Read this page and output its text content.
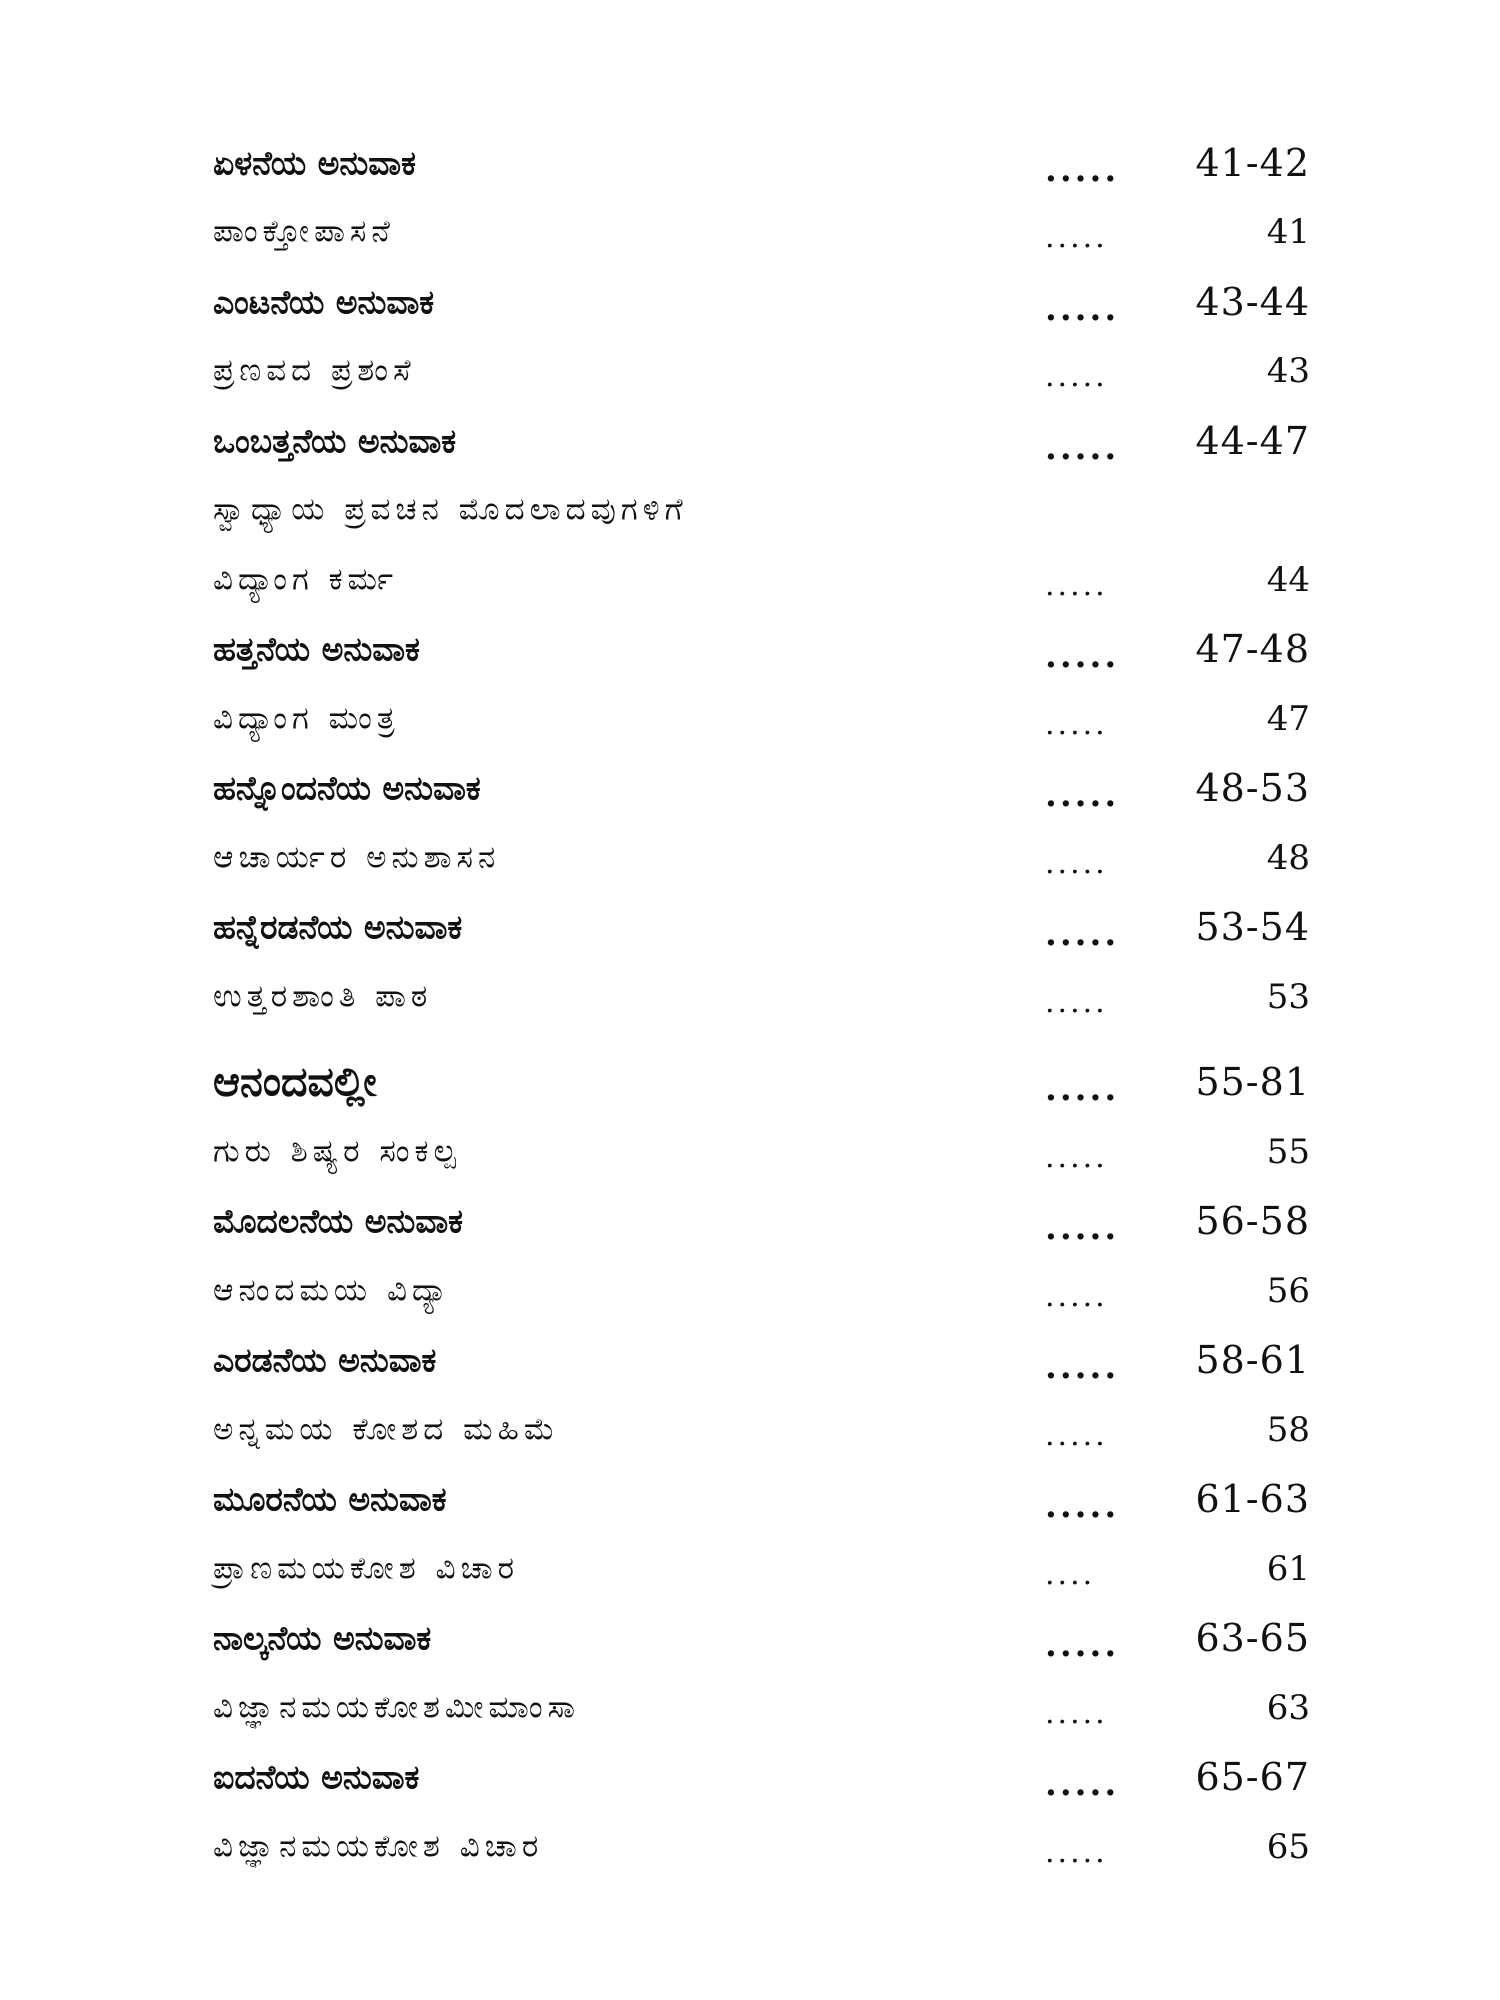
ಏಳನೆಯ ಅನುವಾಕ	..... 41-42
ಪಾಂಕ್ತೋಪಾಸನೆ	.....	41
ಎಂಟನೆಯ ಅನುವಾಕ	..... 43-44
ಪ್ರಣವದ ಪ್ರಶಂಸೆ	.....	43
ಒಂಬತ್ತನೆಯ ಅನುವಾಕ	..... 44-47
ಸ್ವಾಧ್ಯಾಯ ಪ್ರವಚನ ಮೊದಲಾದವುಗಳಿಗೆ
ವಿದ್ಯಾಂಗ ಕರ್ಮ	.....	44
ಹತ್ತನೆಯ ಅನುವಾಕ	..... 47-48
ವಿದ್ಯಾಂಗ ಮಂತ್ರ	.....	47
ಹನ್ನೊಂದನೆಯ ಅನುವಾಕ	..... 48-53
ಆಚಾರ್ಯರ ಅನುಶಾಸನ	.....	48
ಹನ್ನೆರಡನೆಯ ಅನುವಾಕ	..... 53-54
ಉತ್ತರಶಾಂತಿ ಪಾಠ	.....	53
ಆನಂದವಲ್ಲೀ	..... 55-81
ಗುರು ಶಿಷ್ಯರ ಸಂಕಲ್ಪ	.....	55
ಮೊದಲನೆಯ ಅನುವಾಕ	..... 56-58
ಆನಂದಮಯ ವಿದ್ಯಾ	.....	56
ಎರಡನೆಯ ಅನುವಾಕ	..... 58-61
ಅನ್ನಮಯ ಕೋಶದ ಮಹಿಮೆ	.....	58
ಮೂರನೆಯ ಅನುವಾಕ	..... 61-63
ಪ್ರಾಣಮಯಕೋಶ ವಿಚಾರ	....	61
ನಾಲ್ಕನೆಯ ಅನುವಾಕ	..... 63-65
ವಿಜ್ಞಾನಮಯಕೋಶಮೀಮಾಂಸಾ	.....	63
ಐದನೆಯ ಅನುವಾಕ	..... 65-67
ವಿಜ್ಞಾನಮಯಕೋಶ ವಿಚಾರ	.....	65
